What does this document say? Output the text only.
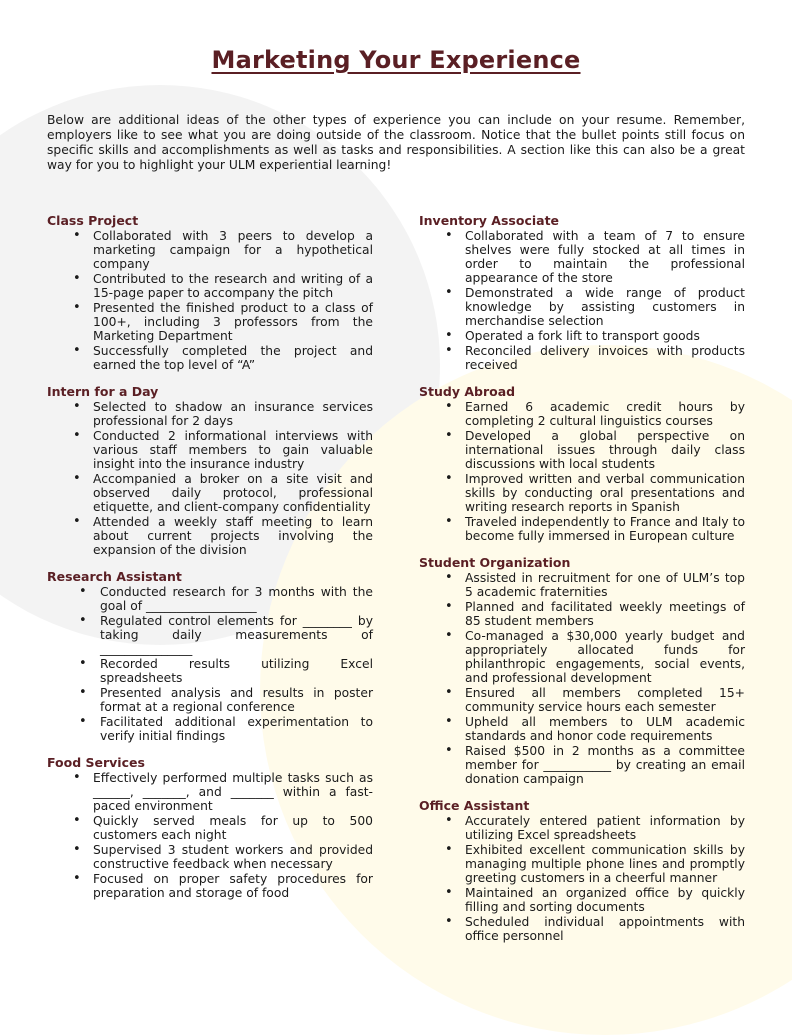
Marketing Your Experience

Below are additional ideas of the other types of experience you can include on your resume. Remember, employers like to see what you are doing outside of the classroom. Notice that the bullet points still focus on specific skills and accomplishments as well as tasks and responsibilities. A section like this can also be a great way for you to highlight your ULM experiential learning!

Class Project
• Collaborated with 3 peers to develop a marketing campaign for a hypothetical company
• Contributed to the research and writing of a 15-page paper to accompany the pitch
• Presented the finished product to a class of 100+, including 3 professors from the Marketing Department
• Successfully completed the project and earned the top level of “A”
Intern for a Day
• Selected to shadow an insurance services professional for 2 days
• Conducted 2 informational interviews with various staff members to gain valuable insight into the insurance industry
• Accompanied a broker on a site visit and observed daily protocol, professional etiquette, and client-company confidentiality
• Attended a weekly staff meeting to learn about current projects involving the expansion of the division
Research Assistant
• Conducted research for 3 months with the goal of __________________
• Regulated control elements for ________ by taking daily measurements of _______________
• Recorded results utilizing Excel spreadsheets
• Presented analysis and results in poster format at a regional conference
• Facilitated additional experimentation to verify initial findings
Food Services
• Effectively performed multiple tasks such as ______, _______, and _______ within a fast-paced environment
• Quickly served meals for up to 500 customers each night
• Supervised 3 student workers and provided constructive feedback when necessary
• Focused on proper safety procedures for preparation and storage of food
Inventory Associate
• Collaborated with a team of 7 to ensure shelves were fully stocked at all times in order to maintain the professional appearance of the store
• Demonstrated a wide range of product knowledge by assisting customers in merchandise selection
• Operated a fork lift to transport goods
• Reconciled delivery invoices with products received
Study Abroad
• Earned 6 academic credit hours by completing 2 cultural linguistics courses
• Developed a global perspective on international issues through daily class discussions with local students
• Improved written and verbal communication skills by conducting oral presentations and writing research reports in Spanish
• Traveled independently to France and Italy to become fully immersed in European culture
Student Organization
• Assisted in recruitment for one of ULM’s top 5 academic fraternities
• Planned and facilitated weekly meetings of 85 student members
• Co-managed a $30,000 yearly budget and appropriately allocated funds for philanthropic engagements, social events, and professional development
• Ensured all members completed 15+ community service hours each semester
• Upheld all members to ULM academic standards and honor code requirements
• Raised $500 in 2 months as a committee member for ___________ by creating an email donation campaign
Office Assistant
• Accurately entered patient information by utilizing Excel spreadsheets
• Exhibited excellent communication skills by managing multiple phone lines and promptly greeting customers in a cheerful manner
• Maintained an organized office by quickly filling and sorting documents
• Scheduled individual appointments with office personnel
